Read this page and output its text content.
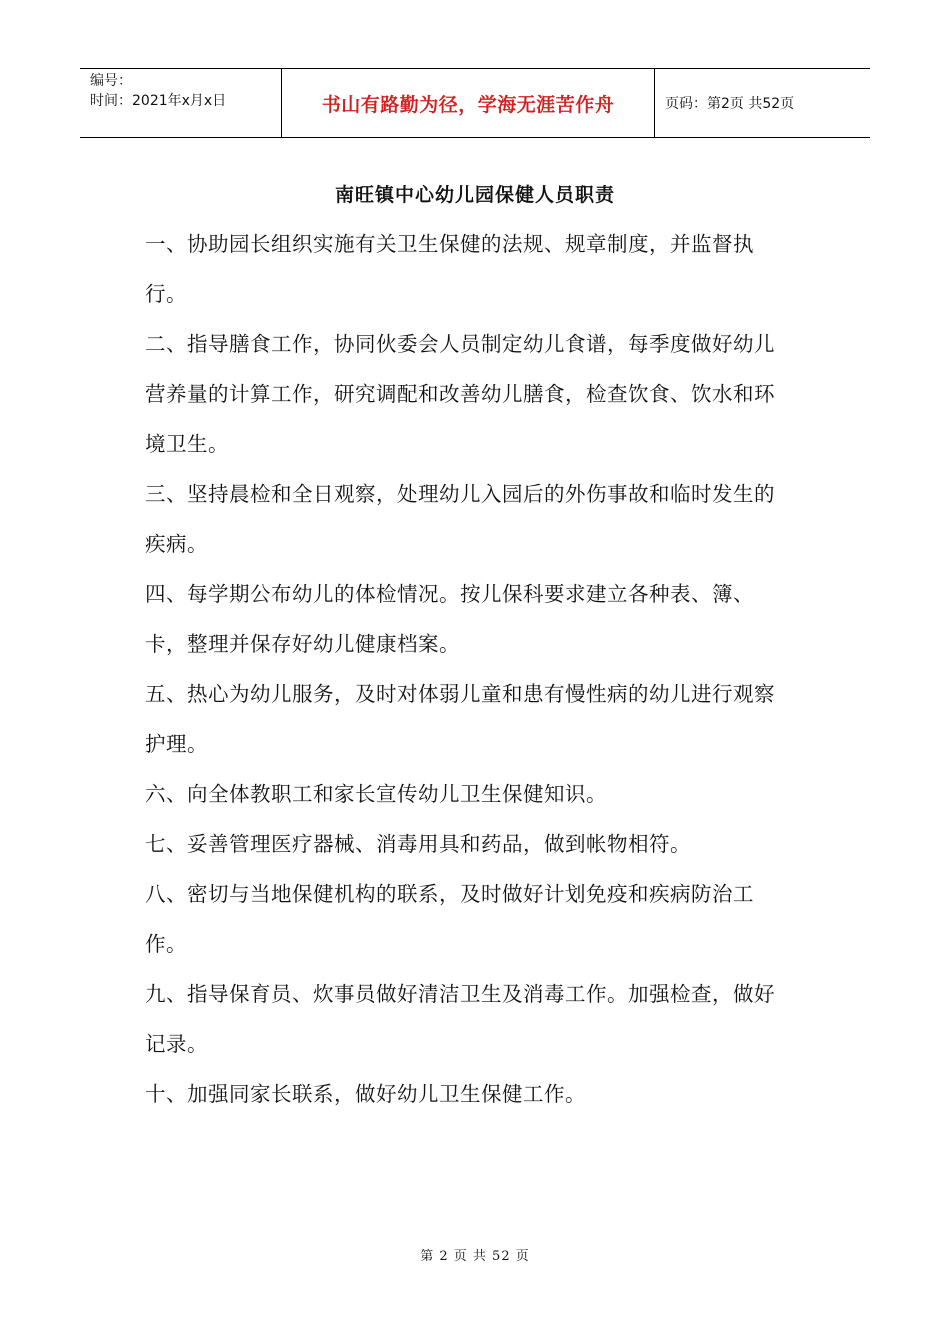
编号：
时间：2021年x月x日	书山有路勤为径，学海无涯苦作舟	页码：第2页 共52页
南旺镇中心幼儿园保健人员职责

一、协助园长组织实施有关卫生保健的法规、规章制度，并监督执行。

二、指导膳食工作，协同伙委会人员制定幼儿食谱，每季度做好幼儿营养量的计算工作，研究调配和改善幼儿膳食，检查饮食、饮水和环境卫生。

三、坚持晨检和全日观察，处理幼儿入园后的外伤事故和临时发生的疾病。

四、每学期公布幼儿的体检情况。按儿保科要求建立各种表、簿、卡，整理并保存好幼儿健康档案。

五、热心为幼儿服务，及时对体弱儿童和患有慢性病的幼儿进行观察护理。

六、向全体教职工和家长宣传幼儿卫生保健知识。

七、妥善管理医疗器械、消毒用具和药品，做到帐物相符。

八、密切与当地保健机构的联系，及时做好计划免疫和疾病防治工作。

九、指导保育员、炊事员做好清洁卫生及消毒工作。加强检查，做好记录。

十、加强同家长联系，做好幼儿卫生保健工作。

第 2 页 共 52 页
